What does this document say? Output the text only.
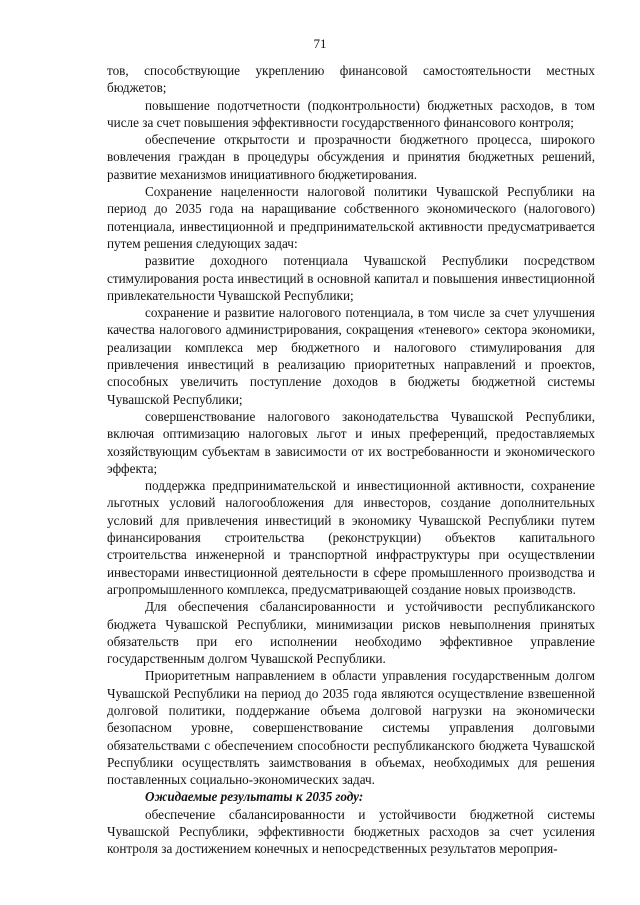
71

тов, способствующие укреплению финансовой самостоятельности местных бюджетов;

повышение подотчетности (подконтрольности) бюджетных расходов, в том числе за счет повышения эффективности государственного финансового контроля;

обеспечение открытости и прозрачности бюджетного процесса, широкого вовлечения граждан в процедуры обсуждения и принятия бюджетных решений, развитие механизмов инициативного бюджетирования.

Сохранение нацеленности налоговой политики Чувашской Республики на период до 2035 года на наращивание собственного экономического (налогового) потенциала, инвестиционной и предпринимательской активности предусматривается путем решения следующих задач:

развитие доходного потенциала Чувашской Республики посредством стимулирования роста инвестиций в основной капитал и повышения инвестиционной привлекательности Чувашской Республики;

сохранение и развитие налогового потенциала, в том числе за счет улучшения качества налогового администрирования, сокращения «теневого» сектора экономики, реализации комплекса мер бюджетного и налогового стимулирования для привлечения инвестиций в реализацию приоритетных направлений и проектов, способных увеличить поступление доходов в бюджеты бюджетной системы Чувашской Республики;

совершенствование налогового законодательства Чувашской Республики, включая оптимизацию налоговых льгот и иных преференций, предоставляемых хозяйствующим субъектам в зависимости от их востребованности и экономического эффекта;

поддержка предпринимательской и инвестиционной активности, сохранение льготных условий налогообложения для инвесторов, создание дополнительных условий для привлечения инвестиций в экономику Чувашской Республики путем финансирования строительства (реконструкции) объектов капитального строительства инженерной и транспортной инфраструктуры при осуществлении инвесторами инвестиционной деятельности в сфере промышленного производства и агропромышленного комплекса, предусматривающей создание новых производств.

Для обеспечения сбалансированности и устойчивости республиканского бюджета Чувашской Республики, минимизации рисков невыполнения принятых обязательств при его исполнении необходимо эффективное управление государственным долгом Чувашской Республики.

Приоритетным направлением в области управления государственным долгом Чувашской Республики на период до 2035 года являются осуществление взвешенной долговой политики, поддержание объема долговой нагрузки на экономически безопасном уровне, совершенствование системы управления долговыми обязательствами с обеспечением способности республиканского бюджета Чувашской Республики осуществлять заимствования в объемах, необходимых для решения поставленных социально-экономических задач.

Ожидаемые результаты к 2035 году:

обеспечение сбалансированности и устойчивости бюджетной системы Чувашской Республики, эффективности бюджетных расходов за счет усиления контроля за достижением конечных и непосредственных результатов мероприя-
